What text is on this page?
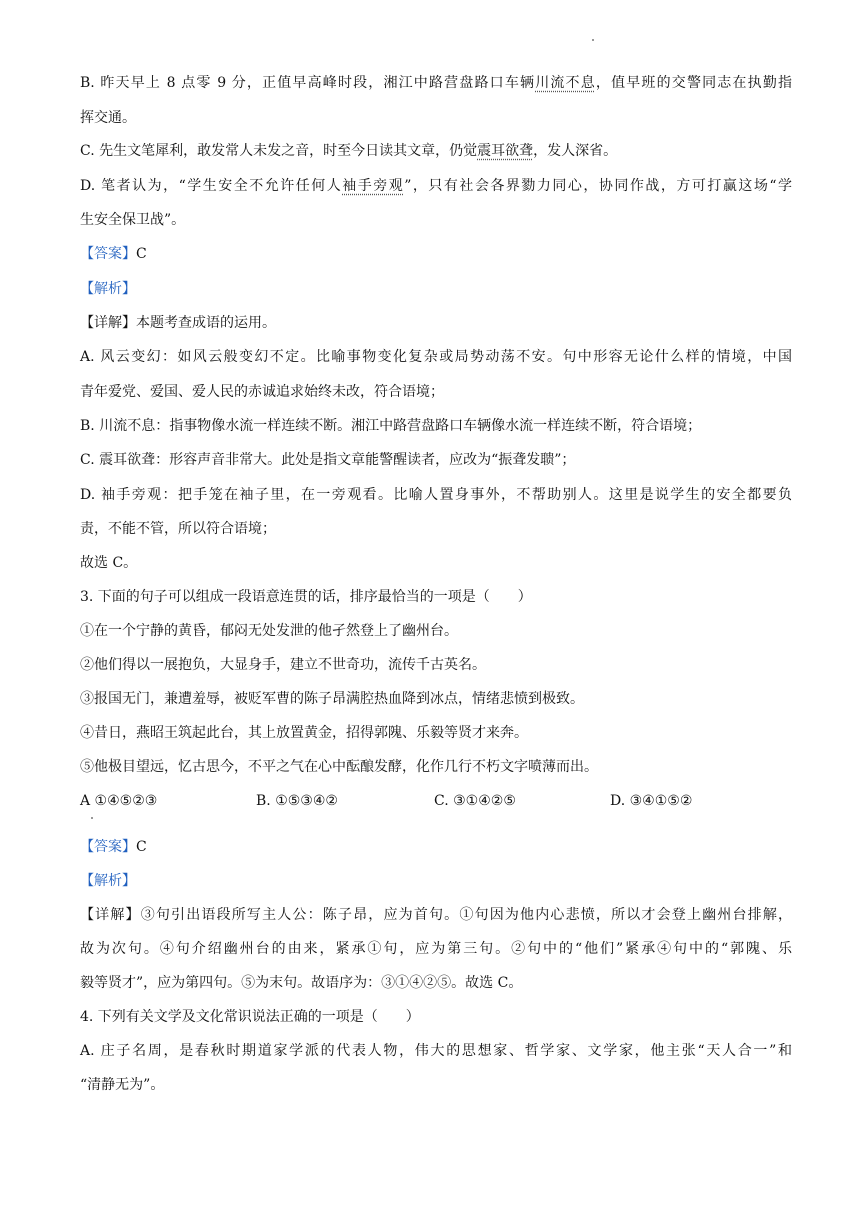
B. 昨天早上 8 点零 9 分，正值早高峰时段，湘江中路营盘路口车辆川流不息，值早班的交警同志在执勤指
挥交通。
C. 先生文笔犀利，敢发常人未发之音，时至今日读其文章，仍觉震耳欲聋，发人深省。
D. 笔者认为，“学生安全不允许任何人袖手旁观”，只有社会各界勠力同心，协同作战，方可打赢这场“学
生安全保卫战”。
【答案】C
【解析】
【详解】本题考查成语的运用。
A. 风云变幻：如风云般变幻不定。比喻事物变化复杂或局势动荡不安。句中形容无论什么样的情境，中国
青年爱党、爱国、爱人民的赤诚追求始终未改，符合语境；
B. 川流不息：指事物像水流一样连续不断。湘江中路营盘路口车辆像水流一样连续不断，符合语境；
C. 震耳欲聋：形容声音非常大。此处是指文章能警醒读者，应改为“振聋发聩”；
D. 袖手旁观：把手笼在袖子里，在一旁观看。比喻人置身事外，不帮助别人。这里是说学生的安全都要负
责，不能不管，所以符合语境；
故选 C。
3. 下面的句子可以组成一段语意连贯的话，排序最恰当的一项是（　　）
①在一个宁静的黄昏，郁闷无处发泄的他孑然登上了幽州台。
②他们得以一展抱负，大显身手，建立不世奇功，流传千古英名。
③报国无门，兼遭羞辱，被贬军曹的陈子昂满腔热血降到冰点，情绪悲愤到极致。
④昔日，燕昭王筑起此台，其上放置黄金，招得郭隗、乐毅等贤才来奔。
⑤他极目望远，忆古思今，不平之气在心中酝酿发酵，化作几行不朽文字喷薄而出。
A ①④⑤②③	B. ①⑤③④②	C. ③①④②⑤	D. ③④①⑤②
【答案】C
【解析】
【详解】③句引出语段所写主人公：陈子昂，应为首句。①句因为他内心悲愤，所以才会登上幽州台排解，
故为次句。④句介绍幽州台的由来，紧承①句，应为第三句。②句中的“他们”紧承④句中的“郭隗、乐
毅等贤才”，应为第四句。⑤为末句。故语序为：③①④②⑤。故选 C。
4. 下列有关文学及文化常识说法正确的一项是（　　）
A. 庄子名周，是春秋时期道家学派的代表人物，伟大的思想家、哲学家、文学家，他主张“天人合一”和
“清静无为”。
